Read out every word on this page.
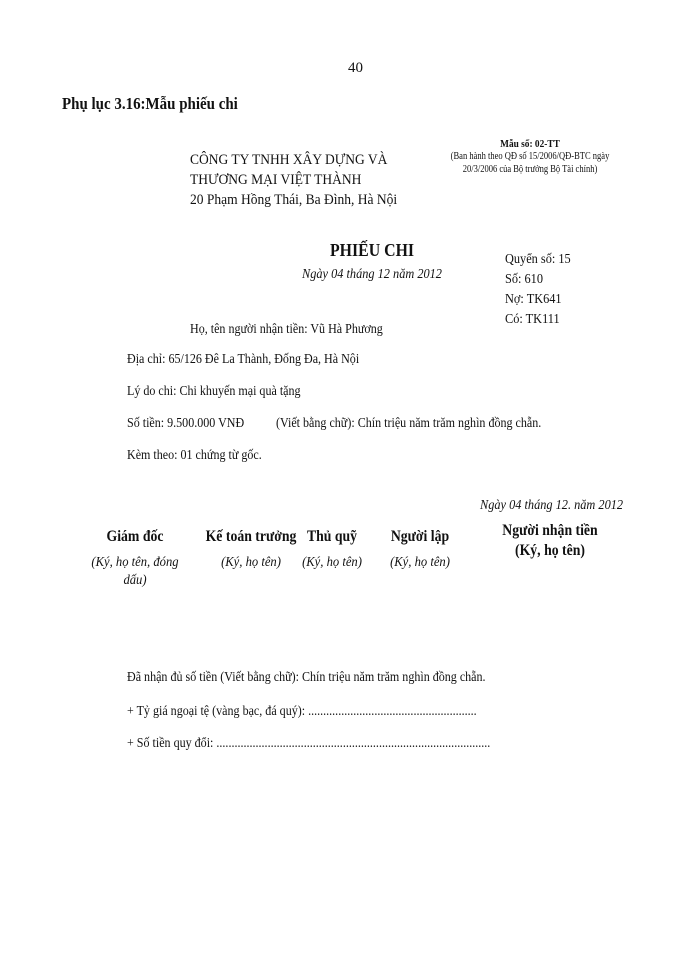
40
Phụ lục 3.16:Mẫu phiếu chi
CÔNG TY TNHH XÂY DỰNG VÀ
THƯƠNG MẠI VIỆT THÀNH
20 Phạm Hồng Thái, Ba Đình, Hà Nội
Mẫu số: 02-TT
(Ban hành theo QĐ số 15/2006/QĐ-BTC ngày
20/3/2006 của Bộ trưởng Bộ Tài chính)
PHIẾU CHI
Ngày 04 tháng 12 năm 2012
Quyển số: 15
Số: 610
Nợ: TK641
Có: TK111
Họ, tên người nhận tiền: Vũ Hà Phương
Địa chỉ: 65/126 Đê La Thành, Đống Đa, Hà Nội
Lý do chi: Chi khuyến mại quà tặng
Số tiền: 9.500.000 VNĐ (Viết bằng chữ): Chín triệu năm trăm nghìn đồng chẵn.
Kèm theo: 01 chứng từ gốc.
Ngày 04 tháng 12. năm 2012
Giám đốc
(Ký, họ tên, đóng dấu)
Kế toán trưởng
(Ký, họ tên)
Thủ quỹ
(Ký, họ tên)
Người lập
(Ký, họ tên)
Người nhận tiền
(Ký, họ tên)
Đã nhận đủ số tiền (Viết bằng chữ): Chín triệu năm trăm nghìn đồng chẵn.
+ Tỷ giá ngoại tệ (vàng bạc, đá quý): ........................................................
+ Số tiền quy đổi: ...........................................................................................
